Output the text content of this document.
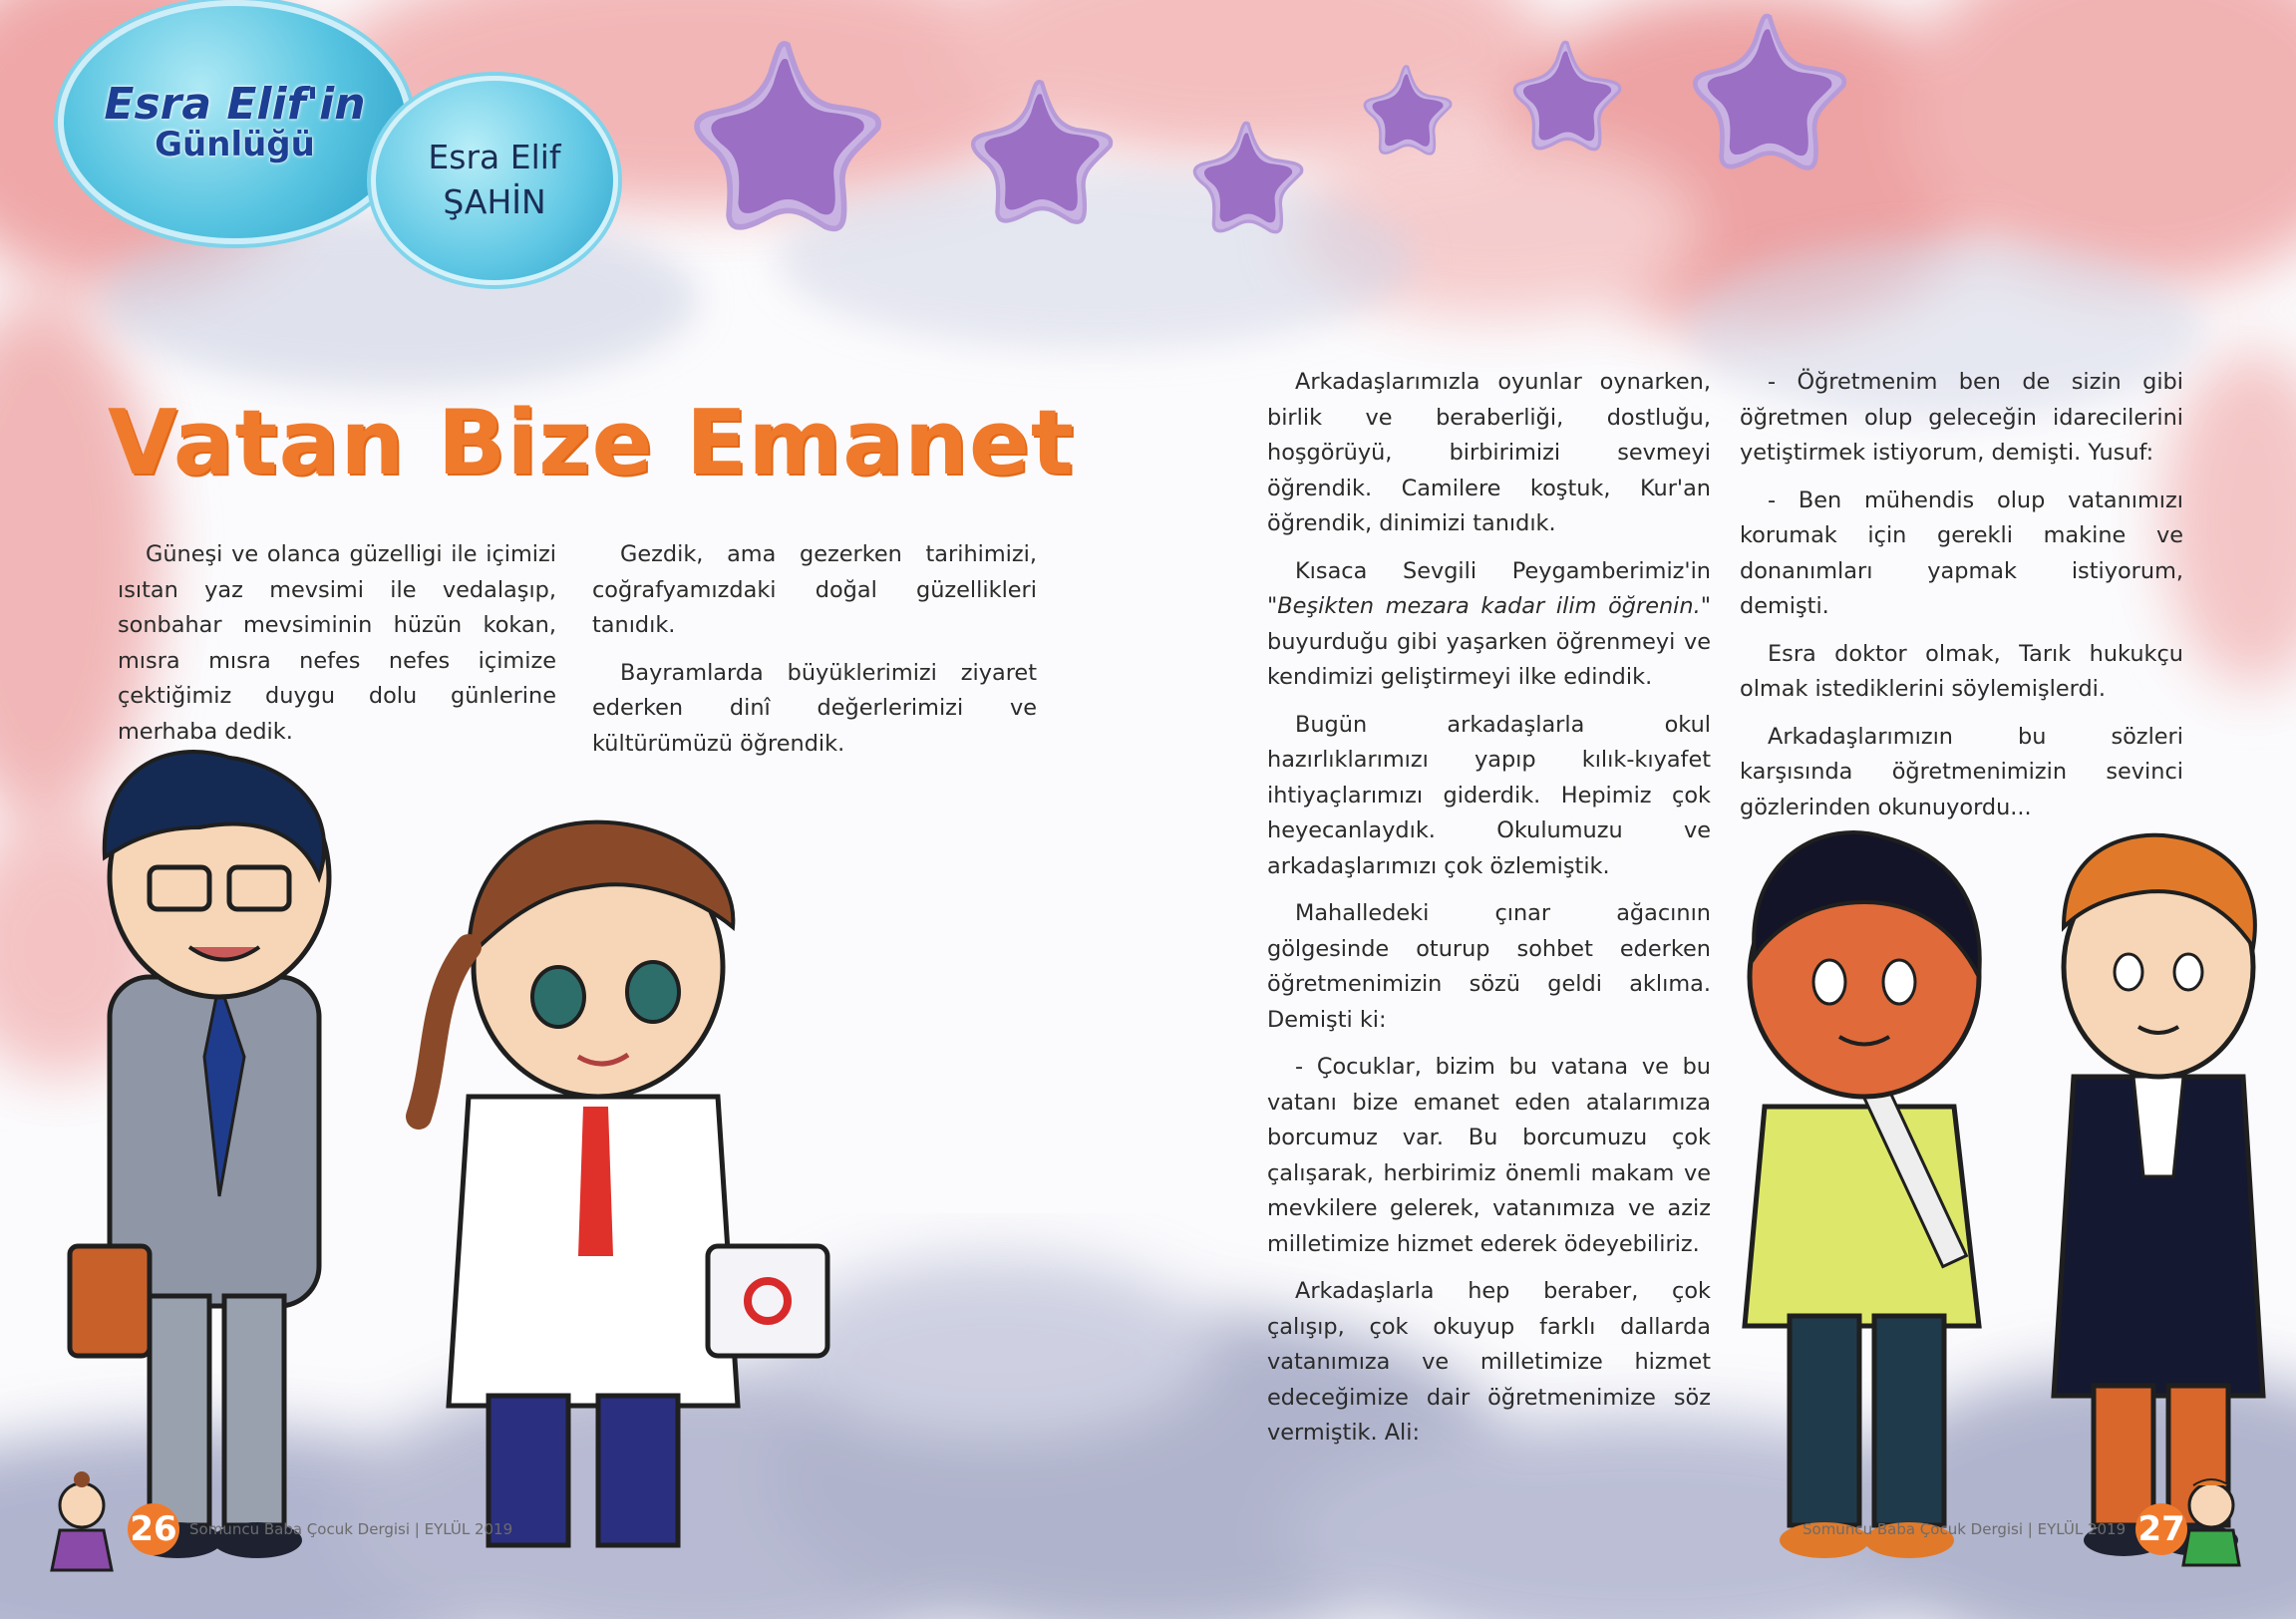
Esra Elif'in
Günlüğü	Esra Elif
ŞAHİN
Vatan Bize Emanet

Güneşi ve olanca güzelligi ile içimizi ısıtan yaz mevsimi ile vedalaşıp, sonbahar mevsiminin hüzün kokan, mısra mısra nefes nefes içimize çektiğimiz duygu dolu günlerine merhaba dedik.

Gezdik, ama gezerken tarihimizi, coğrafyamızdaki doğal güzellikleri tanıdık.

Bayramlarda büyüklerimizi ziyaret ederken dinî değerlerimizi ve kültürümüzü öğrendik.

Arkadaşlarımızla oyunlar oynarken, birlik ve beraberliği, dostluğu, hoşgörüyü, birbirimizi sevmeyi öğrendik. Camilere koştuk, Kur'an öğrendik, dinimizi tanıdık.

Kısaca Sevgili Peygamberimiz'in "Beşikten mezara kadar ilim öğrenin." buyurduğu gibi yaşarken öğrenmeyi ve kendimizi geliştirmeyi ilke edindik.

Bugün arkadaşlarla okul hazırlıklarımızı yapıp kılık-kıyafet ihtiyaçlarımızı giderdik. Hepimiz çok heyecanlaydık. Okulumuzu ve arkadaşlarımızı çok özlemiştik.

Mahalledeki çınar ağacının gölgesinde oturup sohbet ederken öğretmenimizin sözü geldi aklıma. Demişti ki:

- Çocuklar, bizim bu vatana ve bu vatanı bize emanet eden atalarımıza borcumuz var. Bu borcumuzu çok çalışarak, herbirimiz önemli makam ve mevkilere gelerek, vatanımıza ve aziz milletimize hizmet ederek ödeyebiliriz.

Arkadaşlarla hep beraber, çok çalışıp, çok okuyup farklı dallarda vatanımıza ve milletimize hizmet edeceğimize dair öğretmenimize söz vermiştik. Ali:

- Öğretmenim ben de sizin gibi öğretmen olup geleceğin idarecilerini yetiştirmek istiyorum, demişti. Yusuf:

- Ben mühendis olup vatanımızı korumak için gerekli makine ve donanımları yapmak istiyorum, demişti.

Esra doktor olmak, Tarık hukukçu olmak istediklerini söylemişlerdi.

Arkadaşlarımızın bu sözleri karşısında öğretmenimizin sevinci gözlerinden okunuyordu...

26 Somuncu Baba Çocuk Dergisi | EYLÜL 2019	Somuncu Baba Çocuk Dergisi | EYLÜL 2019 27
